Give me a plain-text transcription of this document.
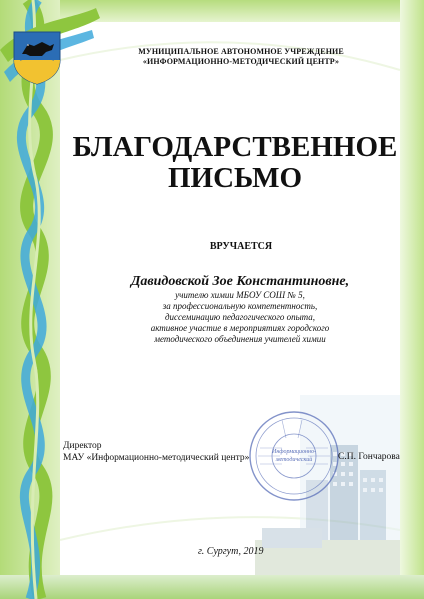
МУНИЦИПАЛЬНОЕ АВТОНОМНОЕ УЧРЕЖДЕНИЕ
«ИНФОРМАЦИОННО-МЕТОДИЧЕСКИЙ ЦЕНТР»
БЛАГОДАРСТВЕННОЕ
ПИСЬМО
ВРУЧАЕТСЯ
Давидовской Зое Константиновне,
учителю химии МБОУ СОШ № 5,
за профессиональную компетентность,
диссеминацию педагогического опыта,
активное участие в мероприятиях городского
методического объединения учителей химии
Информационно-
методический
Директор
МАУ «Информационно-методический центр»	С.П. Гончарова
г. Сургут, 2019
